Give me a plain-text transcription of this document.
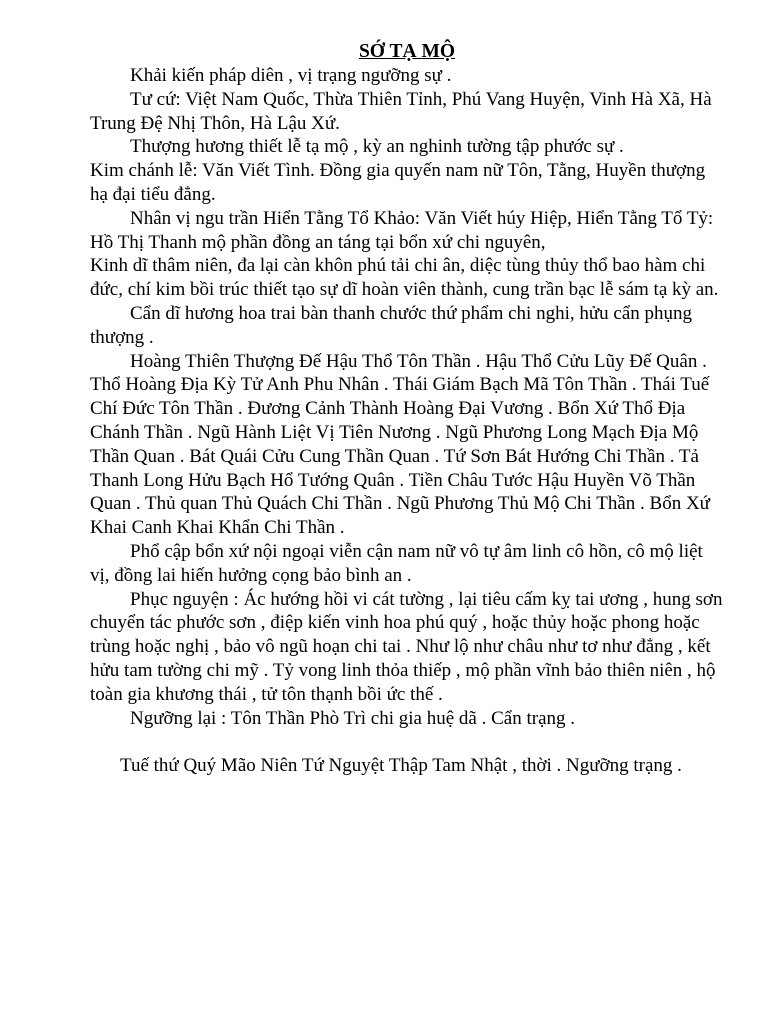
SỚ TẠ MỘ

Khải kiến pháp diên , vị trạng ngưỡng sự .

Tư cứ: Việt Nam Quốc, Thừa Thiên Tỉnh, Phú Vang Huyện, Vinh Hà Xã, Hà Trung Đệ Nhị Thôn, Hà Lậu Xứ.

Thượng hương thiết lễ tạ mộ , kỳ an nghinh tường tập phước sự .

Kim chánh lễ: Văn Viết Tình. Đồng gia quyến nam nữ Tôn, Tằng, Huyền thượng hạ đại tiểu đẳng.

Nhân vị ngu trần Hiển Tằng Tổ Khảo: Văn Viết húy Hiệp, Hiển Tằng Tổ Tỷ: Hồ Thị Thanh mộ phần đồng an táng tại bổn xứ chi nguyên,

Kinh dĩ thâm niên, đa lại càn khôn phú tải chi ân, diệc tùng thủy thổ bao hàm chi đức, chí kim bồi trúc thiết tạo sự dĩ hoàn viên thành, cung trần bạc lễ sám tạ kỳ an.

Cẩn dĩ hương hoa trai bàn thanh chước thứ phẩm chi nghi, hửu cẩn phụng thượng .

Hoàng Thiên Thượng Đế Hậu Thổ Tôn Thần . Hậu Thổ Cửu Lũy Đế Quân . Thổ Hoàng Địa Kỳ Tử Anh Phu Nhân . Thái Giám Bạch Mã Tôn Thần . Thái Tuế Chí Đức Tôn Thần . Đương Cảnh Thành Hoàng Đại Vương . Bổn Xứ Thổ Địa Chánh Thần . Ngũ Hành Liệt Vị Tiên Nương . Ngũ Phương Long Mạch Địa Mộ Thần Quan . Bát Quái Cửu Cung Thần Quan . Tứ Sơn Bát Hướng Chi Thần . Tả Thanh Long Hửu Bạch Hổ Tướng Quân . Tiền Châu Tước Hậu Huyền Võ Thần Quan . Thủ quan Thủ Quách Chi Thần . Ngũ Phương Thủ Mộ Chi Thần . Bổn Xứ Khai Canh Khai Khẩn Chi Thần .

Phổ cập bổn xứ nội ngoại viễn cận nam nữ vô tự âm linh cô hồn, cô mộ liệt vị, đồng lai hiến hưởng cọng bảo bình an .

Phục nguyện : Ác hướng hồi vi cát tường , lại tiêu cấm kỵ tai ương , hung sơn chuyển tác phước sơn , điệp kiến vinh hoa phú quý , hoặc thủy hoặc phong hoặc trùng hoặc nghị , bảo vô ngũ hoạn chi tai . Như lộ như châu như tơ như đẳng , kết hửu tam tường chi mỹ . Tỷ vong linh thỏa thiếp , mộ phần vĩnh bảo thiên niên , hộ toàn gia khương thái , tử tôn thạnh bồi ức thế .

Ngưỡng lại : Tôn Thần Phò Trì chi gia huệ dã . Cẩn trạng .

Tuế thứ Quý Mão Niên Tứ Nguyệt Thập Tam Nhật , thời . Ngưỡng trạng .
